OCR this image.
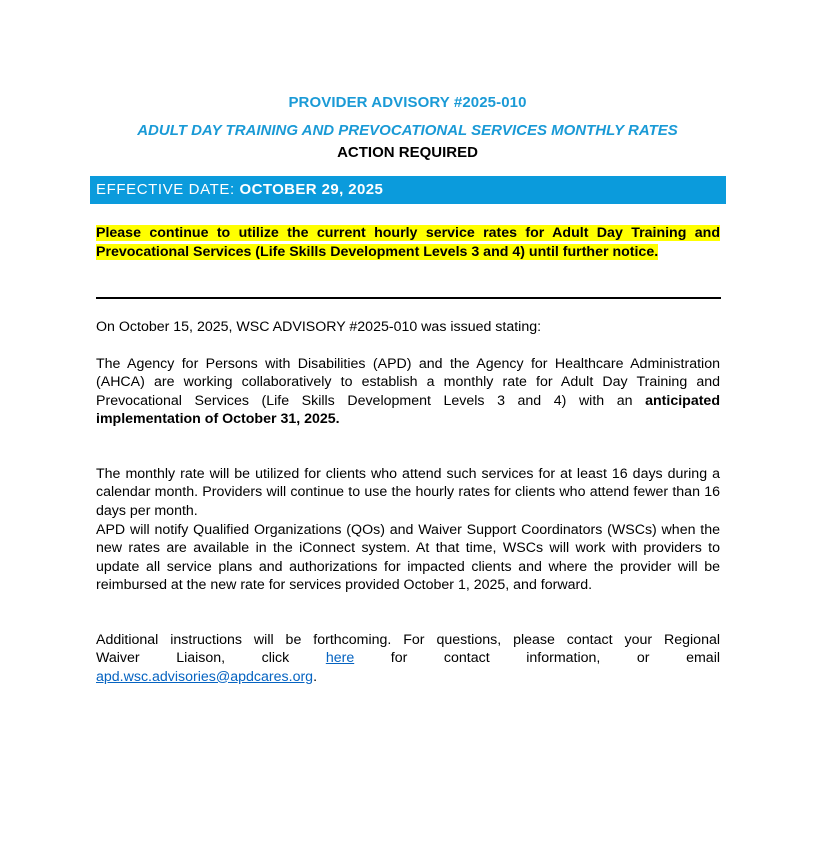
PROVIDER ADVISORY #2025-010
ADULT DAY TRAINING AND PREVOCATIONAL SERVICES MONTHLY RATES
ACTION REQUIRED
EFFECTIVE DATE: OCTOBER 29, 2025
Please continue to utilize the current hourly service rates for Adult Day Training and Prevocational Services (Life Skills Development Levels 3 and 4) until further notice.
On October 15, 2025, WSC ADVISORY #2025-010 was issued stating:
The Agency for Persons with Disabilities (APD) and the Agency for Healthcare Administration (AHCA) are working collaboratively to establish a monthly rate for Adult Day Training and Prevocational Services (Life Skills Development Levels 3 and 4) with an anticipated implementation of October 31, 2025.
The monthly rate will be utilized for clients who attend such services for at least 16 days during a calendar month. Providers will continue to use the hourly rates for clients who attend fewer than 16 days per month.
APD will notify Qualified Organizations (QOs) and Waiver Support Coordinators (WSCs) when the new rates are available in the iConnect system. At that time, WSCs will work with providers to update all service plans and authorizations for impacted clients and where the provider will be reimbursed at the new rate for services provided October 1, 2025, and forward.
Additional instructions will be forthcoming. For questions, please contact your Regional
Waiver	Liaison,	click	here	for	contact	information,	or	email
apd.wsc.advisories@apdcares.org.
